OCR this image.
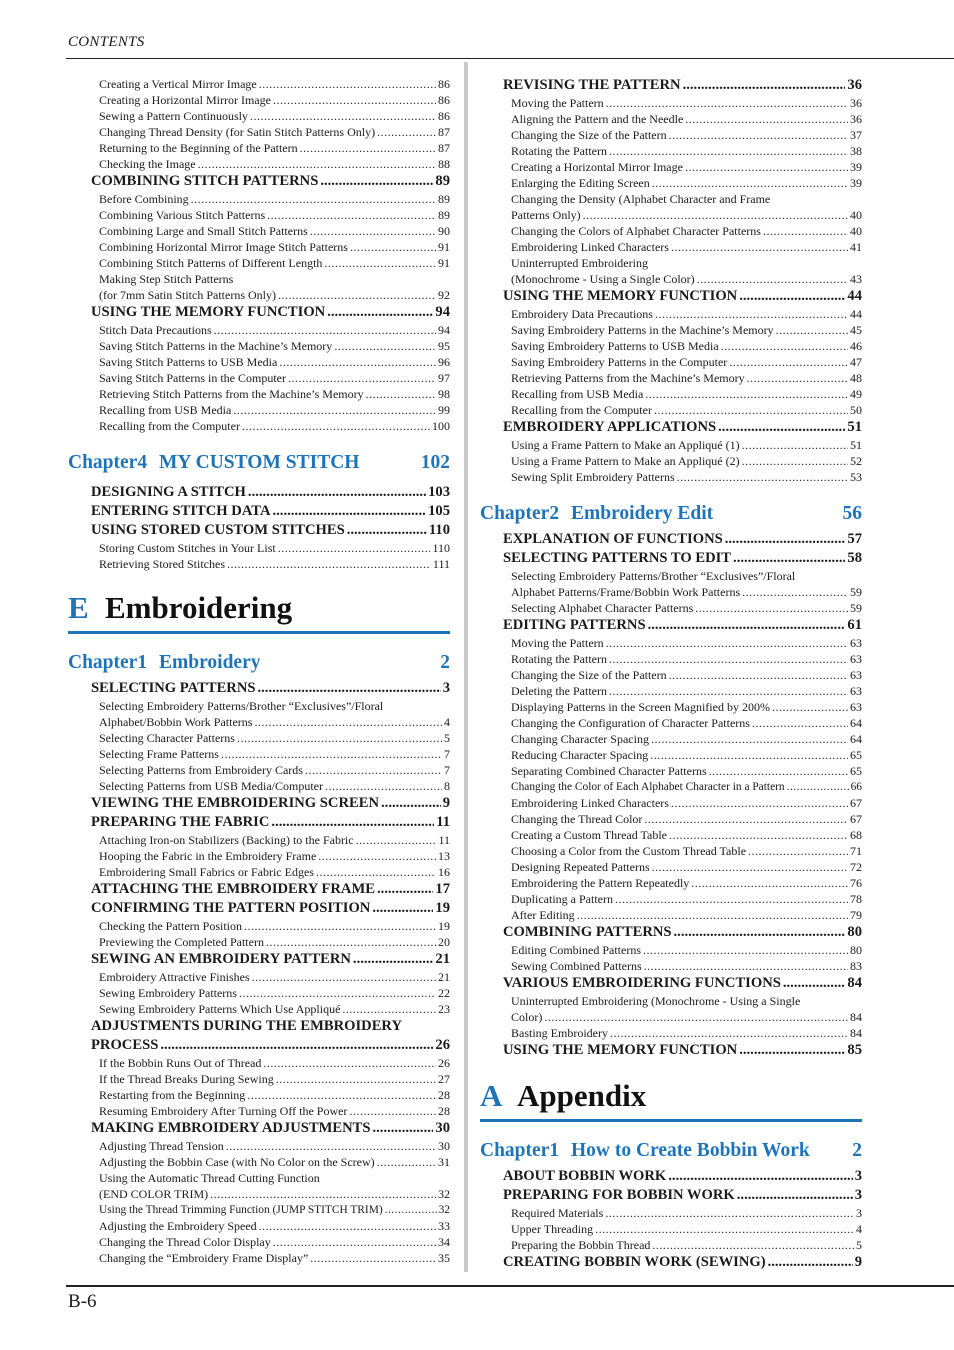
CONTENTS
Creating a Vertical Mirror Image .....	86
Creating a Horizontal Mirror Image .....	86
Sewing a Pattern Continuously .....	86
Changing Thread Density (for Satin Stitch Patterns Only) .....	87
Returning to the Beginning of the Pattern .....	87
Checking the Image .....	88
COMBINING STITCH PATTERNS .....	89
Before Combining .....	89
Combining Various Stitch Patterns .....	89
Combining Large and Small Stitch Patterns .....	90
Combining Horizontal Mirror Image Stitch Patterns .....	91
Combining Stitch Patterns of Different Length .....	91
Making Step Stitch Patterns
(for 7mm Satin Stitch Patterns Only) .....	92
USING THE MEMORY FUNCTION .....	94
Stitch Data Precautions .....	94
Saving Stitch Patterns in the Machine’s Memory .....	95
Saving Stitch Patterns to USB Media .....	96
Saving Stitch Patterns in the Computer .....	97
Retrieving Stitch Patterns from the Machine’s Memory .....	98
Recalling from USB Media .....	99
Recalling from the Computer .....	100
Chapter4 MY CUSTOM STITCH	102
DESIGNING A STITCH .....	103
ENTERING STITCH DATA .....	105
USING STORED CUSTOM STITCHES .....	110
Storing Custom Stitches in Your List .....	110
Retrieving Stored Stitches .....	111
E Embroidering
Chapter1 Embroidery	2
SELECTING PATTERNS .....	3
Selecting Embroidery Patterns/Brother “Exclusives”/Floral
Alphabet/Bobbin Work Patterns .....	4
Selecting Character Patterns .....	5
Selecting Frame Patterns .....	7
Selecting Patterns from Embroidery Cards .....	7
Selecting Patterns from USB Media/Computer .....	8
VIEWING THE EMBROIDERING SCREEN .....	9
PREPARING THE FABRIC .....	11
Attaching Iron-on Stabilizers (Backing) to the Fabric .....	11
Hooping the Fabric in the Embroidery Frame .....	13
Embroidering Small Fabrics or Fabric Edges .....	16
ATTACHING THE EMBROIDERY FRAME .....	17
CONFIRMING THE PATTERN POSITION .....	19
Checking the Pattern Position .....	19
Previewing the Completed Pattern .....	20
SEWING AN EMBROIDERY PATTERN .....	21
Embroidery Attractive Finishes .....	21
Sewing Embroidery Patterns .....	22
Sewing Embroidery Patterns Which Use Appliqué .....	23
ADJUSTMENTS DURING THE EMBROIDERY
PROCESS .....	26
If the Bobbin Runs Out of Thread .....	26
If the Thread Breaks During Sewing .....	27
Restarting from the Beginning .....	28
Resuming Embroidery After Turning Off the Power .....	28
MAKING EMBROIDERY ADJUSTMENTS .....	30
Adjusting Thread Tension .....	30
Adjusting the Bobbin Case (with No Color on the Screw) .....	31
Using the Automatic Thread Cutting Function
(END COLOR TRIM) .....	32
Using the Thread Trimming Function (JUMP STITCH TRIM) .....	32
Adjusting the Embroidery Speed .....	33
Changing the Thread Color Display .....	34
Changing the “Embroidery Frame Display” .....	35
REVISING THE PATTERN .....	36
Moving the Pattern .....	36
Aligning the Pattern and the Needle .....	36
Changing the Size of the Pattern .....	37
Rotating the Pattern .....	38
Creating a Horizontal Mirror Image .....	39
Enlarging the Editing Screen .....	39
Changing the Density (Alphabet Character and Frame
Patterns Only) .....	40
Changing the Colors of Alphabet Character Patterns .....	40
Embroidering Linked Characters .....	41
Uninterrupted Embroidering
(Monochrome - Using a Single Color) .....	43
USING THE MEMORY FUNCTION .....	44
Embroidery Data Precautions .....	44
Saving Embroidery Patterns in the Machine’s Memory .....	45
Saving Embroidery Patterns to USB Media .....	46
Saving Embroidery Patterns in the Computer .....	47
Retrieving Patterns from the Machine’s Memory .....	48
Recalling from USB Media .....	49
Recalling from the Computer .....	50
EMBROIDERY APPLICATIONS .....	51
Using a Frame Pattern to Make an Appliqué (1) .....	51
Using a Frame Pattern to Make an Appliqué (2) .....	52
Sewing Split Embroidery Patterns .....	53
Chapter2 Embroidery Edit	56
EXPLANATION OF FUNCTIONS .....	57
SELECTING PATTERNS TO EDIT .....	58
Selecting Embroidery Patterns/Brother “Exclusives”/Floral
Alphabet Patterns/Frame/Bobbin Work Patterns .....	59
Selecting Alphabet Character Patterns .....	59
EDITING PATTERNS .....	61
Moving the Pattern .....	63
Rotating the Pattern .....	63
Changing the Size of the Pattern .....	63
Deleting the Pattern .....	63
Displaying Patterns in the Screen Magnified by 200% .....	63
Changing the Configuration of Character Patterns .....	64
Changing Character Spacing .....	64
Reducing Character Spacing .....	65
Separating Combined Character Patterns .....	65
Changing the Color of Each Alphabet Character in a Pattern .....	66
Embroidering Linked Characters .....	67
Changing the Thread Color .....	67
Creating a Custom Thread Table .....	68
Choosing a Color from the Custom Thread Table .....	71
Designing Repeated Patterns .....	72
Embroidering the Pattern Repeatedly .....	76
Duplicating a Pattern .....	78
After Editing .....	79
COMBINING PATTERNS .....	80
Editing Combined Patterns .....	80
Sewing Combined Patterns .....	83
VARIOUS EMBROIDERING FUNCTIONS .....	84
Uninterrupted Embroidering (Monochrome - Using a Single
Color) .....	84
Basting Embroidery .....	84
USING THE MEMORY FUNCTION .....	85
A Appendix
Chapter1 How to Create Bobbin Work	2
ABOUT BOBBIN WORK .....	3
PREPARING FOR BOBBIN WORK .....	3
Required Materials .....	3
Upper Threading .....	4
Preparing the Bobbin Thread .....	5
CREATING BOBBIN WORK (SEWING) .....	9
B-6
